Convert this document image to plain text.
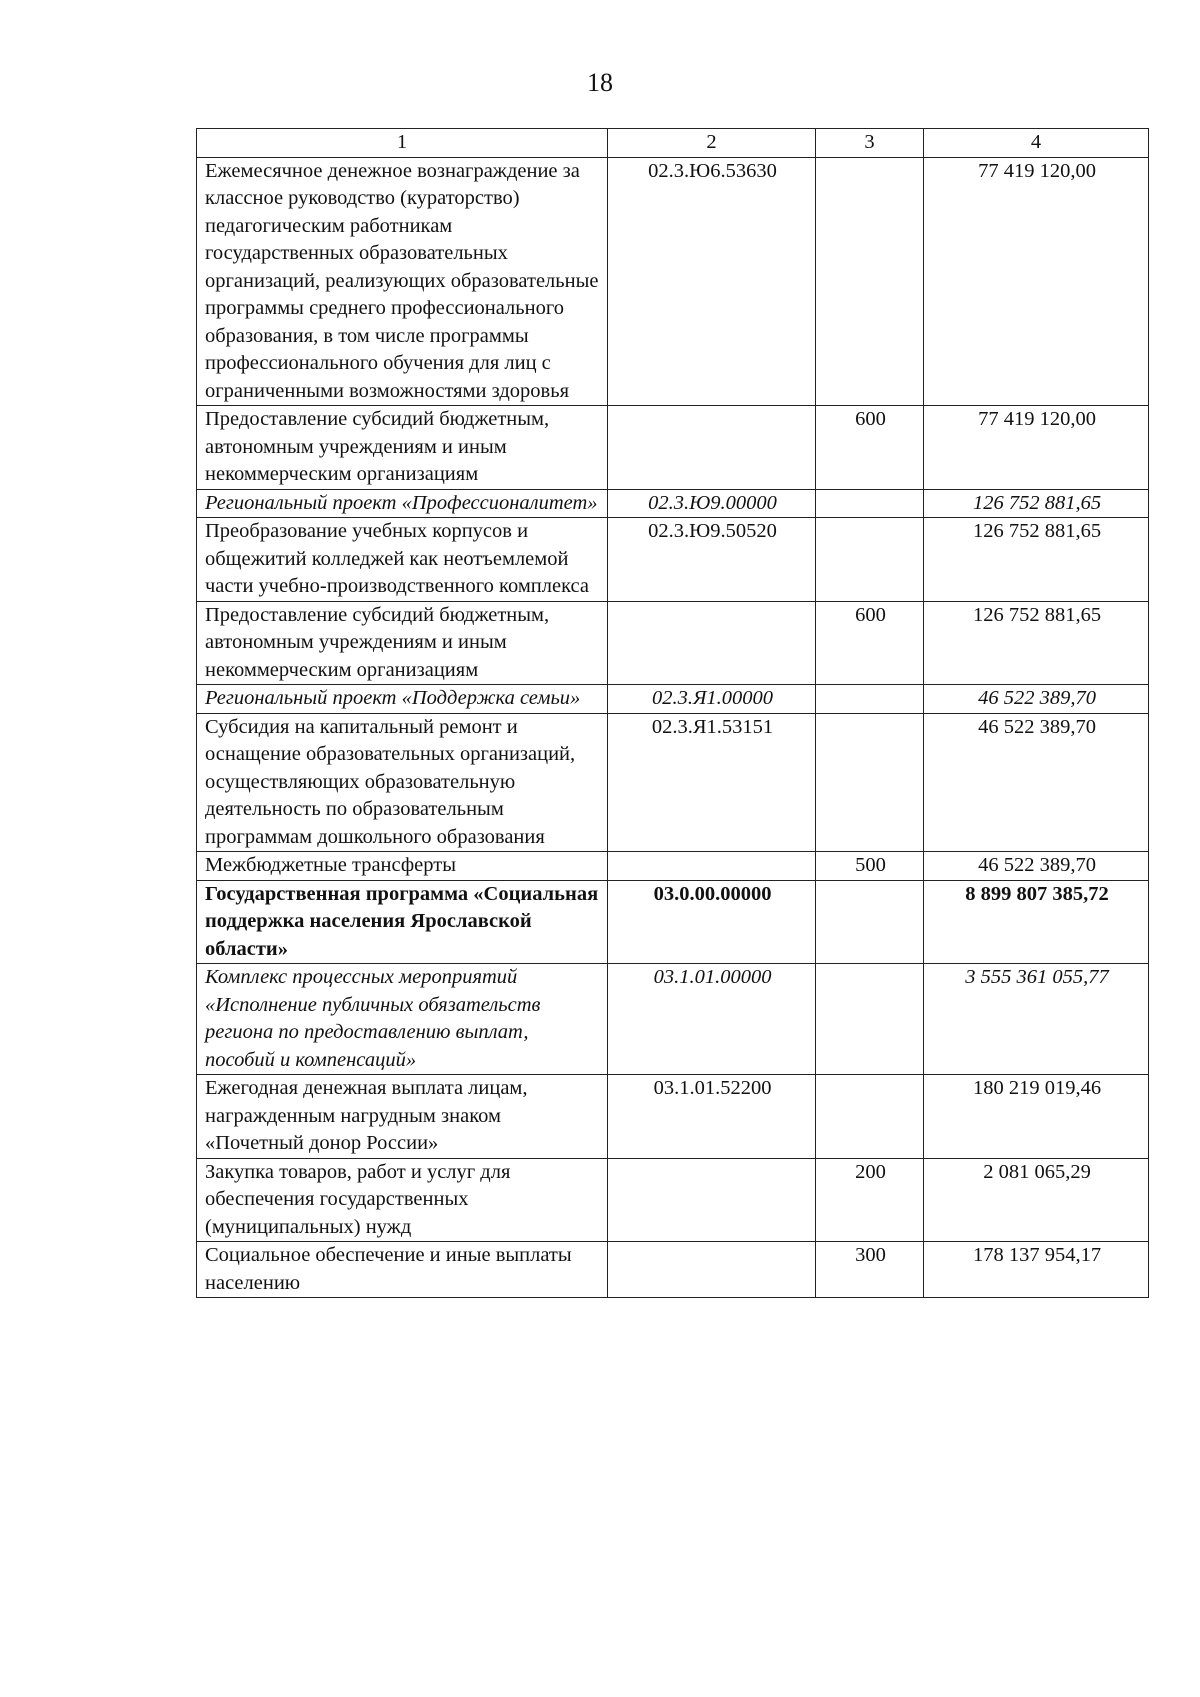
18
1	2	3	4
Ежемесячное денежное вознаграждение за классное руководство (кураторство) педагогическим работникам государственных образовательных организаций, реализующих образовательные программы среднего профессионального образования, в том числе программы профессионального обучения для лиц с ограниченными возможностями здоровья	02.3.Ю6.53630		77 419 120,00
Предоставление субсидий бюджетным, автономным учреждениям и иным некоммерческим организациям		600	77 419 120,00
Региональный проект «Профессионалитет»	02.3.Ю9.00000		126 752 881,65
Преобразование учебных корпусов и общежитий колледжей как неотъемлемой части учебно-производственного комплекса	02.3.Ю9.50520		126 752 881,65
Предоставление субсидий бюджетным, автономным учреждениям и иным некоммерческим организациям		600	126 752 881,65
Региональный проект «Поддержка семьи»	02.3.Я1.00000		46 522 389,70
Субсидия на капитальный ремонт и оснащение образовательных организаций, осуществляющих образовательную деятельность по образовательным программам дошкольного образования	02.3.Я1.53151		46 522 389,70
Межбюджетные трансферты		500	46 522 389,70
Государственная программа «Социальная поддержка населения Ярославской области»	03.0.00.00000		8 899 807 385,72
Комплекс процессных мероприятий «Исполнение публичных обязательств региона по предоставлению выплат, пособий и компенсаций»	03.1.01.00000		3 555 361 055,77
Ежегодная денежная выплата лицам, награжденным нагрудным знаком «Почетный донор России»	03.1.01.52200		180 219 019,46
Закупка товаров, работ и услуг для обеспечения государственных (муниципальных) нужд		200	2 081 065,29
Социальное обеспечение и иные выплаты населению		300	178 137 954,17
